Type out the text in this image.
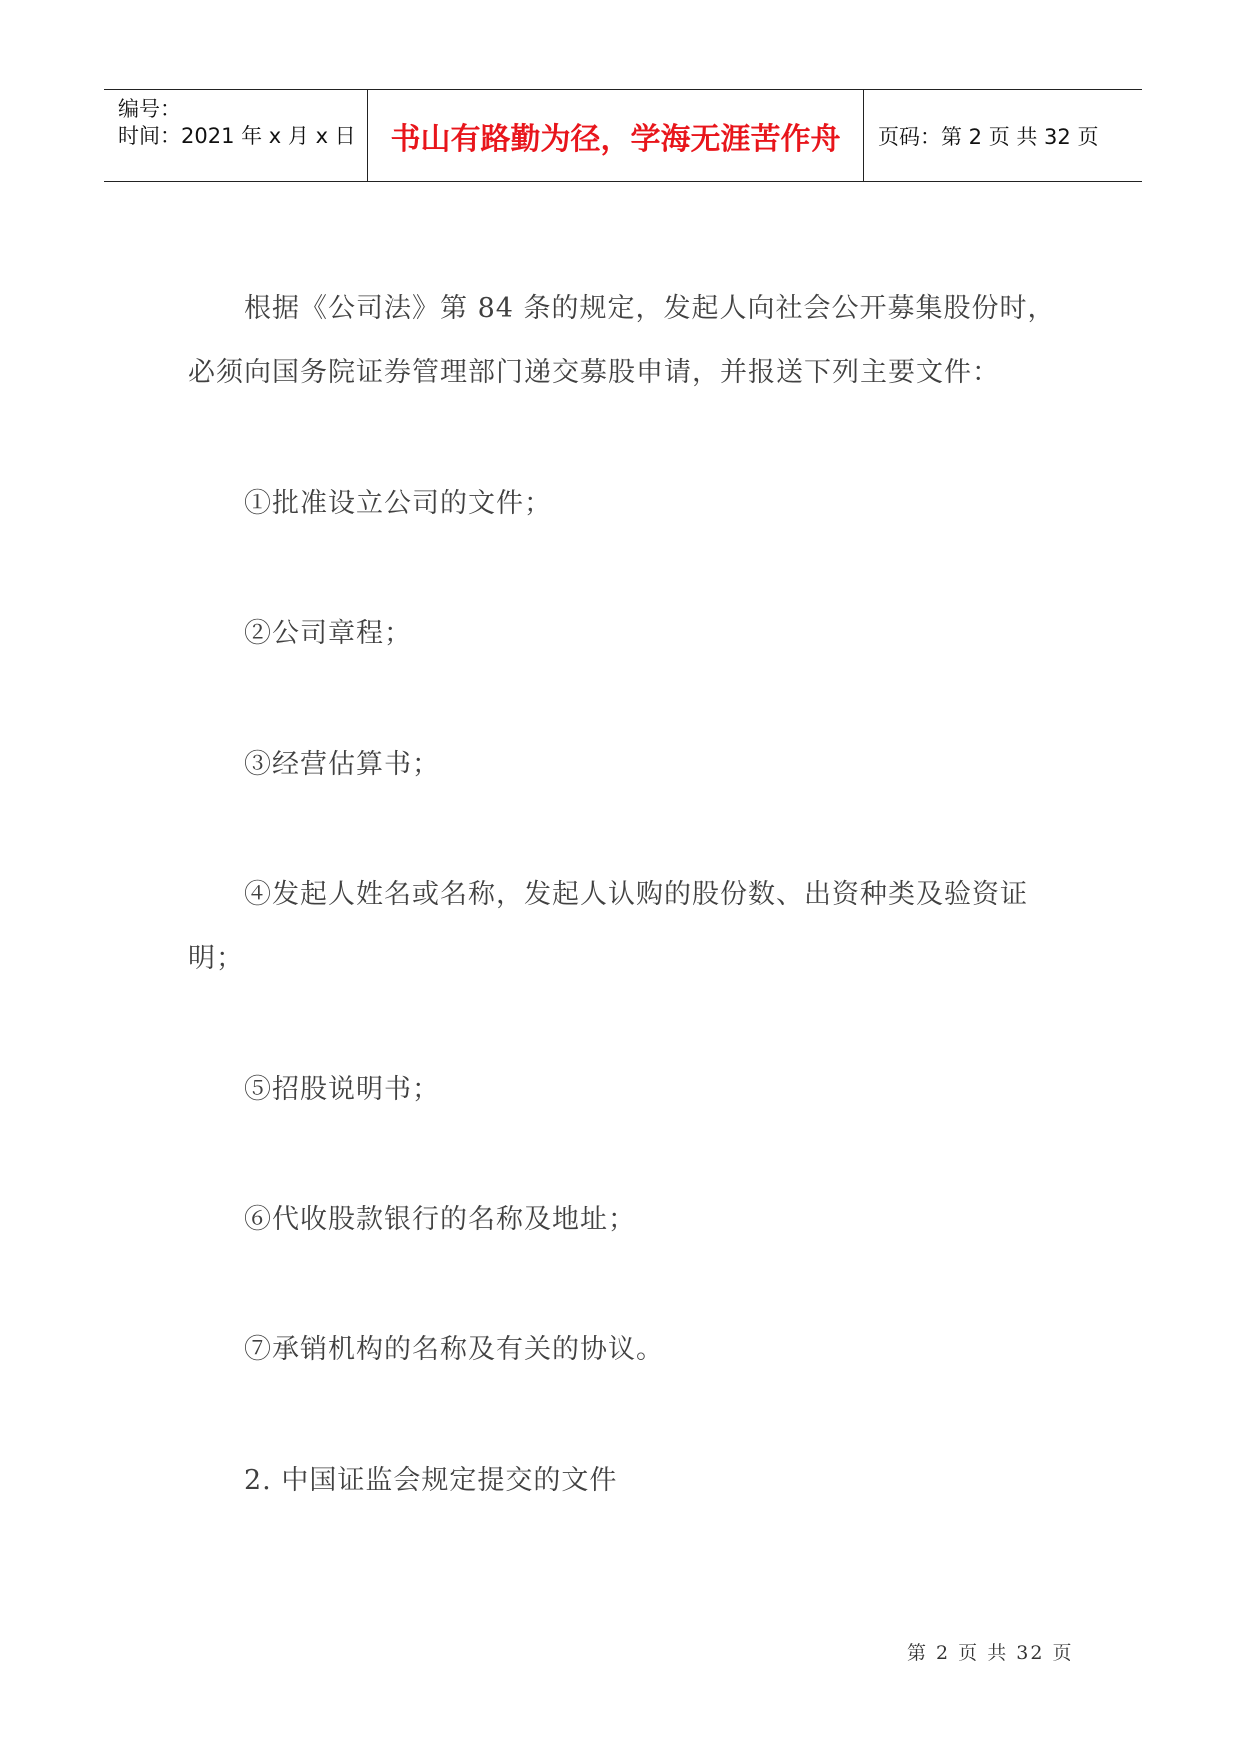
编号：
时间：2021 年 x 月 x 日 书山有路勤为径，学海无涯苦作舟	页码：第 2 页 共 32 页
根据《公司法》第 84 条的规定，发起人向社会公开募集股份时，
必须向国务院证券管理部门递交募股申请，并报送下列主要文件：
①批准设立公司的文件；
②公司章程；
③经营估算书；
④发起人姓名或名称，发起人认购的股份数、出资种类及验资证
明；
⑤招股说明书；
⑥代收股款银行的名称及地址；
⑦承销机构的名称及有关的协议。
2. 中国证监会规定提交的文件
第 2 页 共 32 页
